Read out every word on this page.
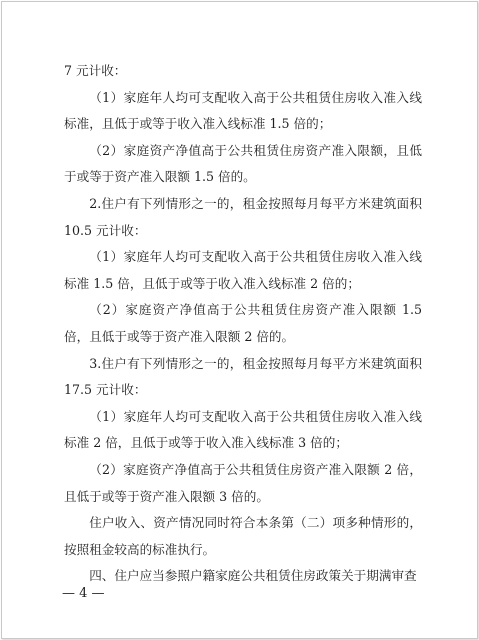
7 元计收：

（1）家庭年人均可支配收入高于公共租赁住房收入准入线标准，且低于或等于收入准入线标准 1.5 倍的；

（2）家庭资产净值高于公共租赁住房资产准入限额，且低于或等于资产准入限额 1.5 倍的。

2.住户有下列情形之一的，租金按照每月每平方米建筑面积 10.5 元计收：

（1）家庭年人均可支配收入高于公共租赁住房收入准入线标准 1.5 倍，且低于或等于收入准入线标准 2 倍的；

（2）家庭资产净值高于公共租赁住房资产准入限额 1.5 倍，且低于或等于资产准入限额 2 倍的。

3.住户有下列情形之一的，租金按照每月每平方米建筑面积 17.5 元计收：

（1）家庭年人均可支配收入高于公共租赁住房收入准入线标准 2 倍，且低于或等于收入准入线标准 3 倍的；

（2）家庭资产净值高于公共租赁住房资产准入限额 2 倍，且低于或等于资产准入限额 3 倍的。

住户收入、资产情况同时符合本条第（二）项多种情形的，按照租金较高的标准执行。

四、住户应当参照户籍家庭公共租赁住房政策关于期满审查

— 4 —
